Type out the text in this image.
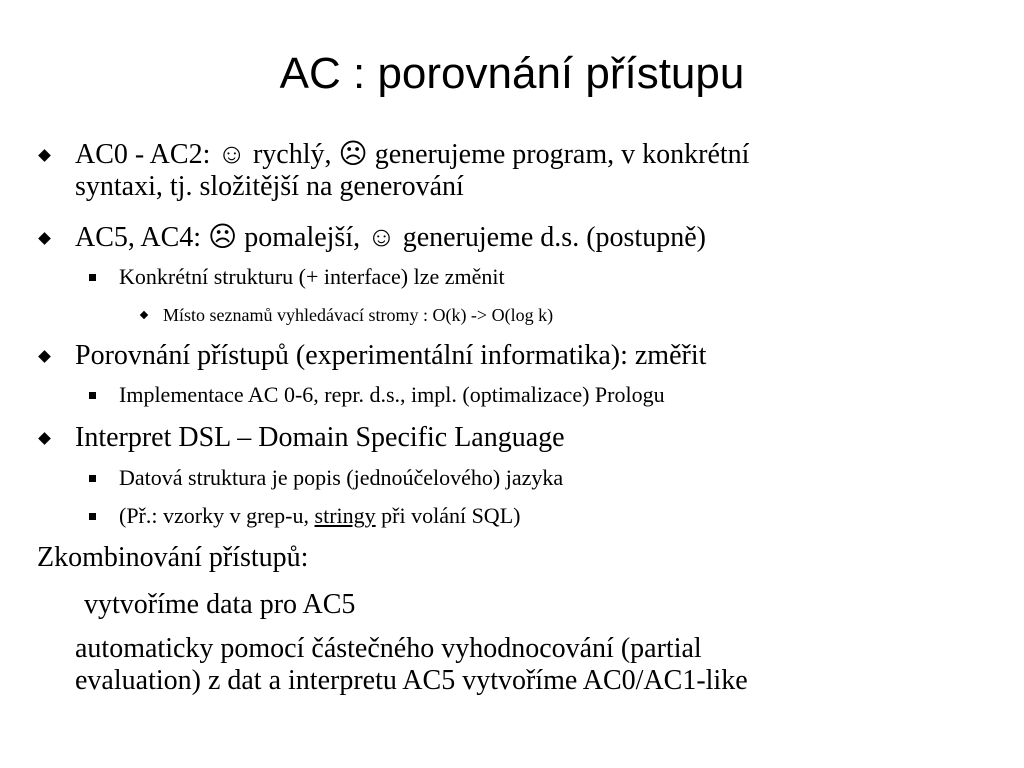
AC : porovnání přístupu
AC0 - AC2: ☺ rychlý, ☹ generujeme program, v konkrétní
syntaxi, tj. složitější na generování
AC5, AC4: ☹ pomalejší, ☺ generujeme d.s. (postupně)
Konkrétní strukturu (+ interface) lze změnit
Místo seznamů vyhledávací stromy : O(k) -> O(log k)
Porovnání přístupů (experimentální informatika): změřit
Implementace AC 0-6, repr. d.s., impl. (optimalizace) Prologu
Interpret DSL – Domain Specific Language
Datová struktura je popis (jednoúčelového) jazyka
(Př.: vzorky v grep-u, stringy při volání SQL)
Zkombinování přístupů:
vytvoříme data pro AC5
automaticky pomocí částečného vyhodnocování (partial
evaluation) z dat a interpretu AC5 vytvoříme AC0/AC1-like
